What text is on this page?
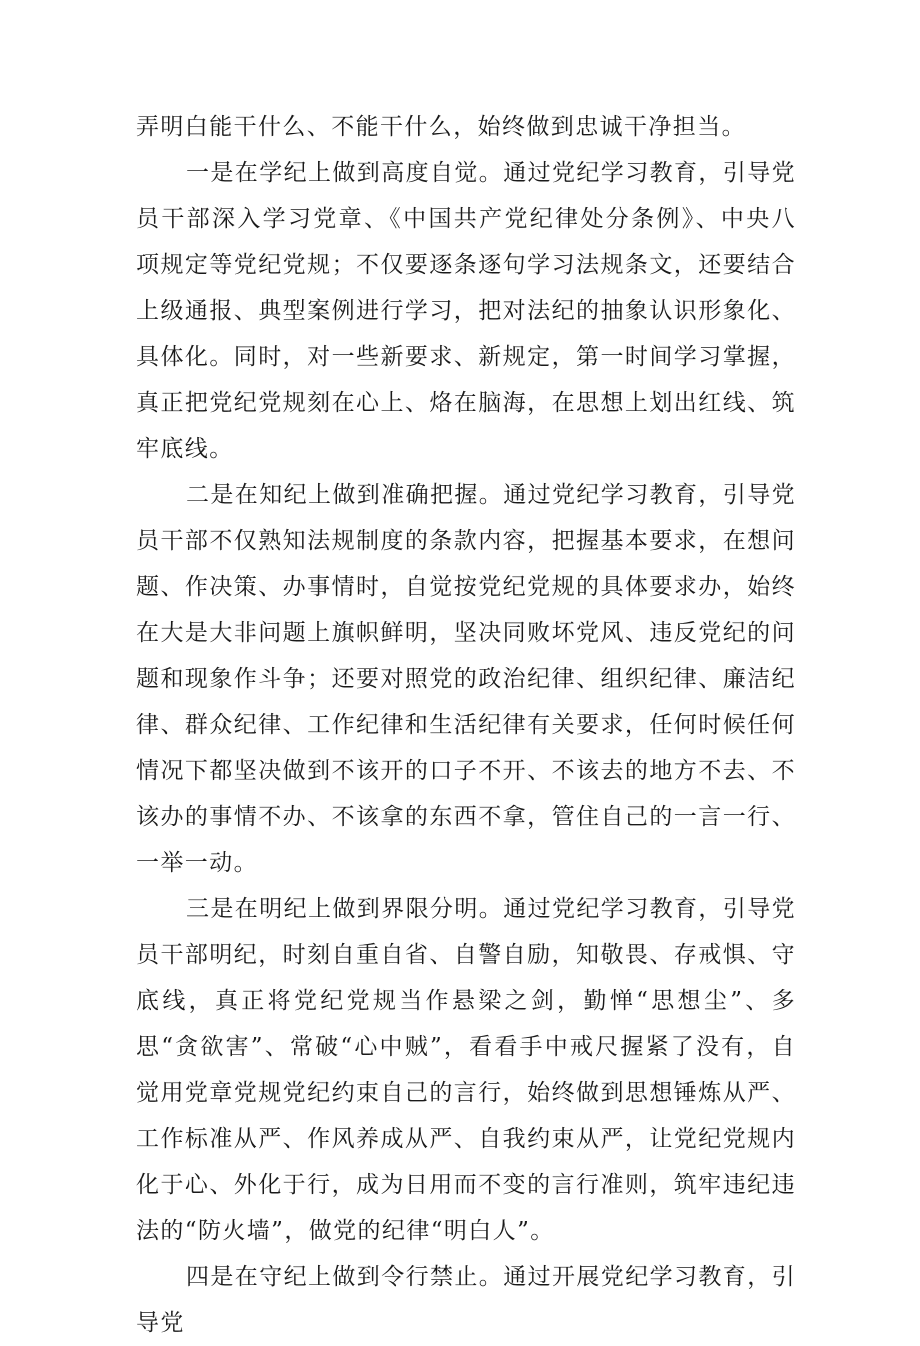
弄明白能干什么、不能干什么，始终做到忠诚干净担当。

一是在学纪上做到高度自觉。通过党纪学习教育，引导党员干部深入学习党章、《中国共产党纪律处分条例》、中央八项规定等党纪党规；不仅要逐条逐句学习法规条文，还要结合上级通报、典型案例进行学习，把对法纪的抽象认识形象化、具体化。同时，对一些新要求、新规定，第一时间学习掌握，真正把党纪党规刻在心上、烙在脑海，在思想上划出红线、筑牢底线。

二是在知纪上做到准确把握。通过党纪学习教育，引导党员干部不仅熟知法规制度的条款内容，把握基本要求，在想问题、作决策、办事情时，自觉按党纪党规的具体要求办，始终在大是大非问题上旗帜鲜明，坚决同败坏党风、违反党纪的问题和现象作斗争；还要对照党的政治纪律、组织纪律、廉洁纪律、群众纪律、工作纪律和生活纪律有关要求，任何时候任何情况下都坚决做到不该开的口子不开、不该去的地方不去、不该办的事情不办、不该拿的东西不拿，管住自己的一言一行、一举一动。

三是在明纪上做到界限分明。通过党纪学习教育，引导党员干部明纪，时刻自重自省、自警自励，知敬畏、存戒惧、守底线，真正将党纪党规当作悬梁之剑，勤惮“思想尘”、多思“贪欲害”、常破“心中贼”，看看手中戒尺握紧了没有，自觉用党章党规党纪约束自己的言行，始终做到思想锤炼从严、工作标准从严、作风养成从严、自我约束从严，让党纪党规内化于心、外化于行，成为日用而不变的言行准则，筑牢违纪违法的“防火墙”，做党的纪律“明白人”。

四是在守纪上做到令行禁止。通过开展党纪学习教育，引导党
